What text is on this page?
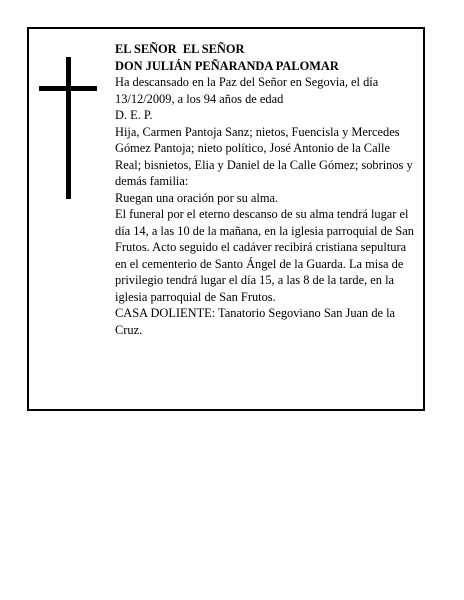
EL SEÑOR  EL SEÑOR

DON JULIÁN PEÑARANDA PALOMAR

Ha descansado en la Paz del Señor en Segovia, el día 13/12/2009, a los 94 años de edad

D. E. P.

Hija, Carmen Pantoja Sanz; nietos, Fuencisla y Mercedes Gómez Pantoja; nieto político, José Antonio de la Calle Real; bisnietos, Elia y Daniel de la Calle Gómez; sobrinos y demás familia:

Ruegan una oración por su alma.

El funeral por el eterno descanso de su alma tendrá lugar el día 14, a las 10 de la mañana, en la iglesia parroquial de San Frutos. Acto seguido el cadáver recibirá cristiana sepultura en el cementerio de Santo Ángel de la Guarda. La misa de privilegio tendrá lugar el día 15, a las 8 de la tarde, en la iglesia parroquial de San Frutos.

CASA DOLIENTE: Tanatorio Segoviano San Juan de la Cruz.
